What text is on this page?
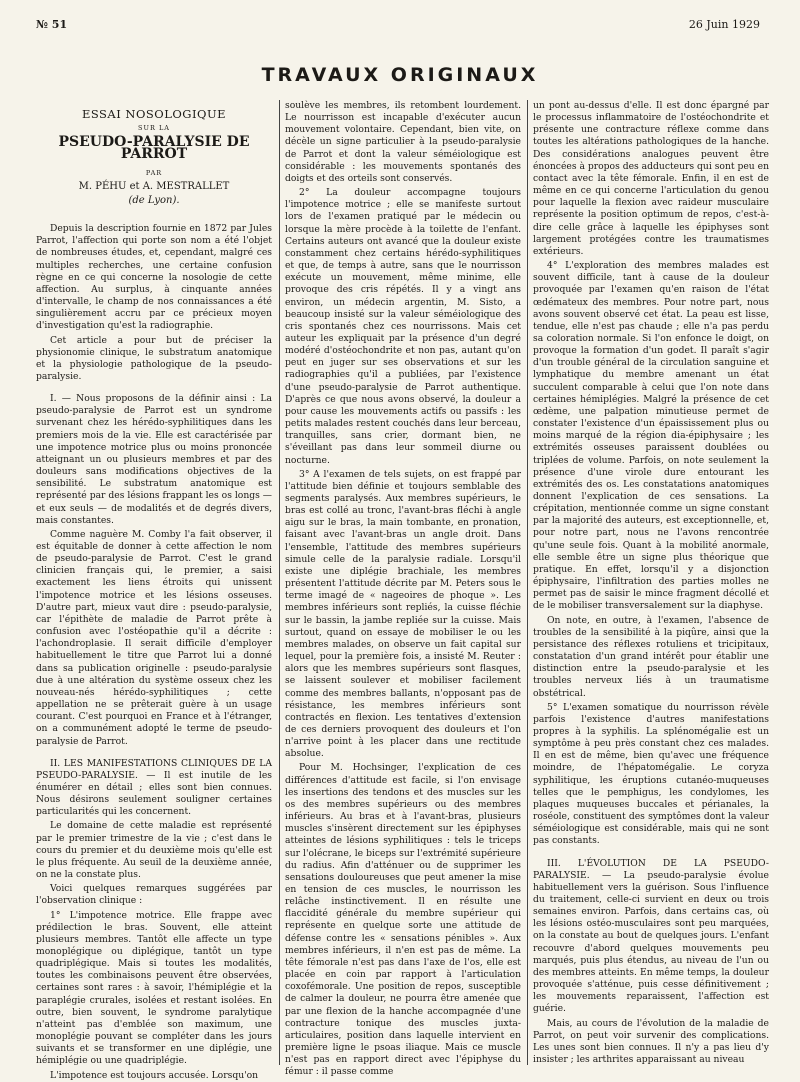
№ 51	26 Juin 1929
TRAVAUX ORIGINAUX

ESSAI NOSOLOGIQUE

SUR LA

PSEUDO-PARALYSIE DE PARROT

PAR

M. PÉHU et A. MESTRALLET

(de Lyon).

Depuis la description fournie en 1872 par Jules Parrot, l'affection qui porte son nom a été l'objet de nombreuses études, et, cependant, malgré ces multiples recherches, une certaine confusion règne en ce qui concerne la nosologie de cette affection. Au surplus, à cinquante années d'intervalle, le champ de nos connaissances a été singulièrement accru par ce précieux moyen d'investigation qu'est la radiographie.

Cet article a pour but de préciser la physionomie clinique, le substratum anatomique et la physiologie pathologique de la pseudo-paralysie.

I. — Nous proposons de la définir ainsi : La pseudo-paralysie de Parrot est un syndrome survenant chez les hérédo-syphilitiques dans les premiers mois de la vie. Elle est caractérisée par une impotence motrice plus ou moins prononcée atteignant un ou plusieurs membres et par des douleurs sans modifications objectives de la sensibilité. Le substratum anatomique est représenté par des lésions frappant les os longs — et eux seuls — de modalités et de degrés divers, mais constantes.

Comme naguère M. Comby l'a fait observer, il est équitable de donner à cette affection le nom de pseudo-paralysie de Parrot. C'est le grand clinicien français qui, le premier, a saisi exactement les liens étroits qui unissent l'impotence motrice et les lésions osseuses. D'autre part, mieux vaut dire : pseudo-paralysie, car l'épithète de maladie de Parrot prête à confusion avec l'ostéopathie qu'il a décrite : l'achondroplasie. Il serait difficile d'employer habituellement le titre que Parrot lui a donné dans sa publication originelle : pseudo-paralysie due à une altération du système osseux chez les nouveau-nés hérédo-syphilitiques ; cette appellation ne se prêterait guère à un usage courant. C'est pourquoi en France et à l'étranger, on a communément adopté le terme de pseudo-paralysie de Parrot.

II. LES MANIFESTATIONS CLINIQUES DE LA PSEUDO-PARALYSIE. — Il est inutile de les énumérer en détail ; elles sont bien connues. Nous désirons seulement souligner certaines particularités qui les concernent.

Le domaine de cette maladie est représenté par le premier trimestre de la vie ; c'est dans le cours du premier et du deuxième mois qu'elle est le plus fréquente. Au seuil de la deuxième année, on ne la constate plus.

Voici quelques remarques suggérées par l'observation clinique :

1° L'impotence motrice. Elle frappe avec prédilection le bras. Souvent, elle atteint plusieurs membres. Tantôt elle affecte un type monoplégique ou diplégique, tantôt un type quadriplégique. Mais si toutes les modalités, toutes les combinaisons peuvent être observées, certaines sont rares : à savoir, l'hémiplégie et la paraplégie crurales, isolées et restant isolées. En outre, bien souvent, le syndrome paralytique n'atteint pas d'emblée son maximum, une monoplégie pouvant se compléter dans les jours suivants et se transformer en une diplégie, une hémiplégie ou une quadriplégie.

L'impotence est toujours accusée. Lorsqu'on

soulève les membres, ils retombent lourdement. Le nourrisson est incapable d'exécuter aucun mouvement volontaire. Cependant, bien vite, on décèle un signe particulier à la pseudo-paralysie de Parrot et dont la valeur séméiologique est considérable : les mouvements spontanés des doigts et des orteils sont conservés.

2° La douleur accompagne toujours l'impotence motrice ; elle se manifeste surtout lors de l'examen pratiqué par le médecin ou lorsque la mère procède à la toilette de l'enfant. Certains auteurs ont avancé que la douleur existe constamment chez certains hérédo-syphilitiques et que, de temps à autre, sans que le nourrisson exécute un mouvement, même minime, elle provoque des cris répétés. Il y a vingt ans environ, un médecin argentin, M. Sisto, a beaucoup insisté sur la valeur séméiologique des cris spontanés chez ces nourrissons. Mais cet auteur les expliquait par la présence d'un degré modéré d'ostéochondrite et non pas, autant qu'on peut en juger sur ses observations et sur les radiographies qu'il a publiées, par l'existence d'une pseudo-paralysie de Parrot authentique. D'après ce que nous avons observé, la douleur a pour cause les mouvements actifs ou passifs : les petits malades restent couchés dans leur berceau, tranquilles, sans crier, dormant bien, ne s'éveillant pas dans leur sommeil diurne ou nocturne.

3° A l'examen de tels sujets, on est frappé par l'attitude bien définie et toujours semblable des segments paralysés. Aux membres supérieurs, le bras est collé au tronc, l'avant-bras fléchi à angle aigu sur le bras, la main tombante, en pronation, faisant avec l'avant-bras un angle droit. Dans l'ensemble, l'attitude des membres supérieurs simule celle de la paralysie radiale. Lorsqu'il existe une diplégie brachiale, les membres présentent l'attitude décrite par M. Peters sous le terme imagé de « nageoires de phoque ». Les membres inférieurs sont repliés, la cuisse fléchie sur le bassin, la jambe repliée sur la cuisse. Mais surtout, quand on essaye de mobiliser le ou les membres malades, on observe un fait capital sur lequel, pour la première fois, a insisté M. Reuter : alors que les membres supérieurs sont flasques, se laissent soulever et mobiliser facilement comme des membres ballants, n'opposant pas de résistance, les membres inférieurs sont contractés en flexion. Les tentatives d'extension de ces derniers provoquent des douleurs et l'on n'arrive point à les placer dans une rectitude absolue.

Pour M. Hochsinger, l'explication de ces différences d'attitude est facile, si l'on envisage les insertions des tendons et des muscles sur les os des membres supérieurs ou des membres inférieurs. Au bras et à l'avant-bras, plusieurs muscles s'insèrent directement sur les épiphyses atteintes de lésions syphilitiques : tels le triceps sur l'olécrane, le biceps sur l'extrémité supérieure du radius. Afin d'atténuer ou de supprimer les sensations douloureuses que peut amener la mise en tension de ces muscles, le nourrisson les relâche instinctivement. Il en résulte une flaccidité générale du membre supérieur qui représente en quelque sorte une attitude de défense contre les « sensations pénibles ». Aux membres inférieurs, il n'en est pas de même. La tête fémorale n'est pas dans l'axe de l'os, elle est placée en coin par rapport à l'articulation coxofémorale. Une position de repos, susceptible de calmer la douleur, ne pourra être amenée que par une flexion de la hanche accompagnée d'une contracture tonique des muscles juxta-articulaires, position dans laquelle intervient en première ligne le psoas iliaque. Mais ce muscle n'est pas en rapport direct avec l'épiphyse du fémur : il passe comme

un pont au-dessus d'elle. Il est donc épargné par le processus inflammatoire de l'ostéochondrite et présente une contracture réflexe comme dans toutes les altérations pathologiques de la hanche. Des considérations analogues peuvent être énoncées à propos des adducteurs qui sont peu en contact avec la tête fémorale. Enfin, il en est de même en ce qui concerne l'articulation du genou pour laquelle la flexion avec raideur musculaire représente la position optimum de repos, c'est-à-dire celle grâce à laquelle les épiphyses sont largement protégées contre les traumatismes extérieurs.

4° L'exploration des membres malades est souvent difficile, tant à cause de la douleur provoquée par l'examen qu'en raison de l'état œdémateux des membres. Pour notre part, nous avons souvent observé cet état. La peau est lisse, tendue, elle n'est pas chaude ; elle n'a pas perdu sa coloration normale. Si l'on enfonce le doigt, on provoque la formation d'un godet. Il paraît s'agir d'un trouble général de la circulation sanguine et lymphatique du membre amenant un état succulent comparable à celui que l'on note dans certaines hémiplégies. Malgré la présence de cet œdème, une palpation minutieuse permet de constater l'existence d'un épaississement plus ou moins marqué de la région dia-épiphysaire ; les extrémités osseuses paraissent doublées ou triplées de volume. Parfois, on note seulement la présence d'une virole dure entourant les extrémités des os. Les constatations anatomiques donnent l'explication de ces sensations. La crépitation, mentionnée comme un signe constant par la majorité des auteurs, est exceptionnelle, et, pour notre part, nous ne l'avons rencontrée qu'une seule fois. Quant à la mobilité anormale, elle semble être un signe plus théorique que pratique. En effet, lorsqu'il y a disjonction épiphysaire, l'infiltration des parties molles ne permet pas de saisir le mince fragment décollé et de le mobiliser transversalement sur la diaphyse.

On note, en outre, à l'examen, l'absence de troubles de la sensibilité à la piqûre, ainsi que la persistance des réflexes rotuliens et tricipitaux, constatation d'un grand intérêt pour établir une distinction entre la pseudo-paralysie et les troubles nerveux liés à un traumatisme obstétrical.

5° L'examen somatique du nourrisson révèle parfois l'existence d'autres manifestations propres à la syphilis. La splénomégalie est un symptôme à peu près constant chez ces malades. Il en est de même, bien qu'avec une fréquence moindre, de l'hépatomégalie. Le coryza syphilitique, les éruptions cutanéo-muqueuses telles que le pemphigus, les condylomes, les plaques muqueuses buccales et périanales, la roséole, constituent des symptômes dont la valeur séméiologique est considérable, mais qui ne sont pas constants.

III. L'ÉVOLUTION DE LA PSEUDO-PARALYSIE. — La pseudo-paralysie évolue habituellement vers la guérison. Sous l'influence du traitement, celle-ci survient en deux ou trois semaines environ. Parfois, dans certains cas, où les lésions ostéo-musculaires sont peu marquées, on la constate au bout de quelques jours. L'enfant recouvre d'abord quelques mouvements peu marqués, puis plus étendus, au niveau de l'un ou des membres atteints. En même temps, la douleur provoquée s'atténue, puis cesse définitivement ; les mouvements reparaissent, l'affection est guérie.

Mais, au cours de l'évolution de la maladie de Parrot, on peut voir survenir des complications. Les unes sont bien connues. Il n'y a pas lieu d'y insister ; les arthrites apparaissant au niveau
